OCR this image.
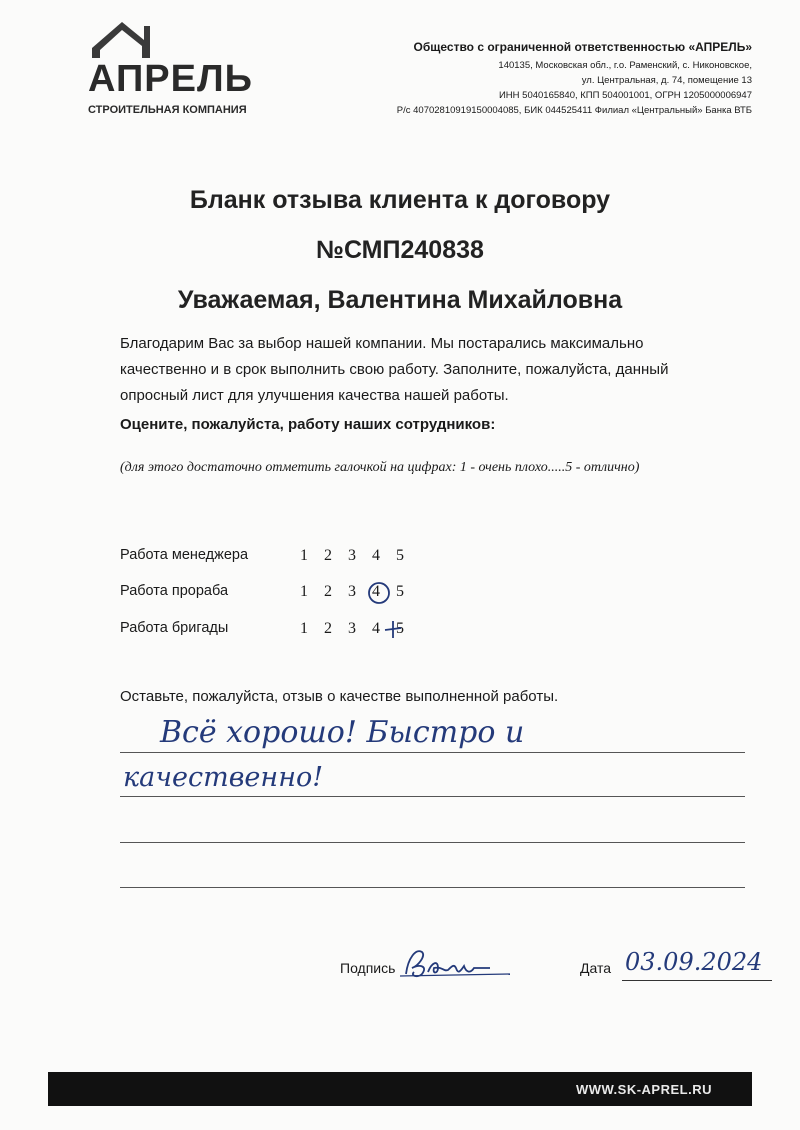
АПРЕЛЬ
СТРОИТЕЛЬНАЯ КОМПАНИЯ
Общество с ограниченной ответственностью «АПРЕЛЬ»
140135, Московская обл., г.о. Раменский, с. Никоновское,
ул. Центральная, д. 74, помещение 13
ИНН 5040165840, КПП 504001001, ОГРН 1205000006947
Р/с 40702810919150004085, БИК 044525411 Филиал «Центральный» Банка ВТБ
Бланк отзыва клиента к договору
№СМП240838
Уважаемая, Валентина Михайловна
Благодарим Вас за выбор нашей компании. Мы постарались максимально качественно и в срок выполнить свою работу. Заполните, пожалуйста, данный опросный лист для улучшения качества нашей работы.
Оцените, пожалуйста, работу наших сотрудников:
(для этого достаточно отметить галочкой на цифрах: 1 - очень плохо.....5 - отлично)
Работа менеджера	1 2 3 4 5
Работа прораба	1 2 3 4 5
Работа бригады	1 2 3 4 5
Оставьте, пожалуйста, отзыв о качестве выполненной работы.
Всё хорошо! Быстро и
качественно!
Подпись	Дата 03.09.2024
WWW.SK-APREL.RU
